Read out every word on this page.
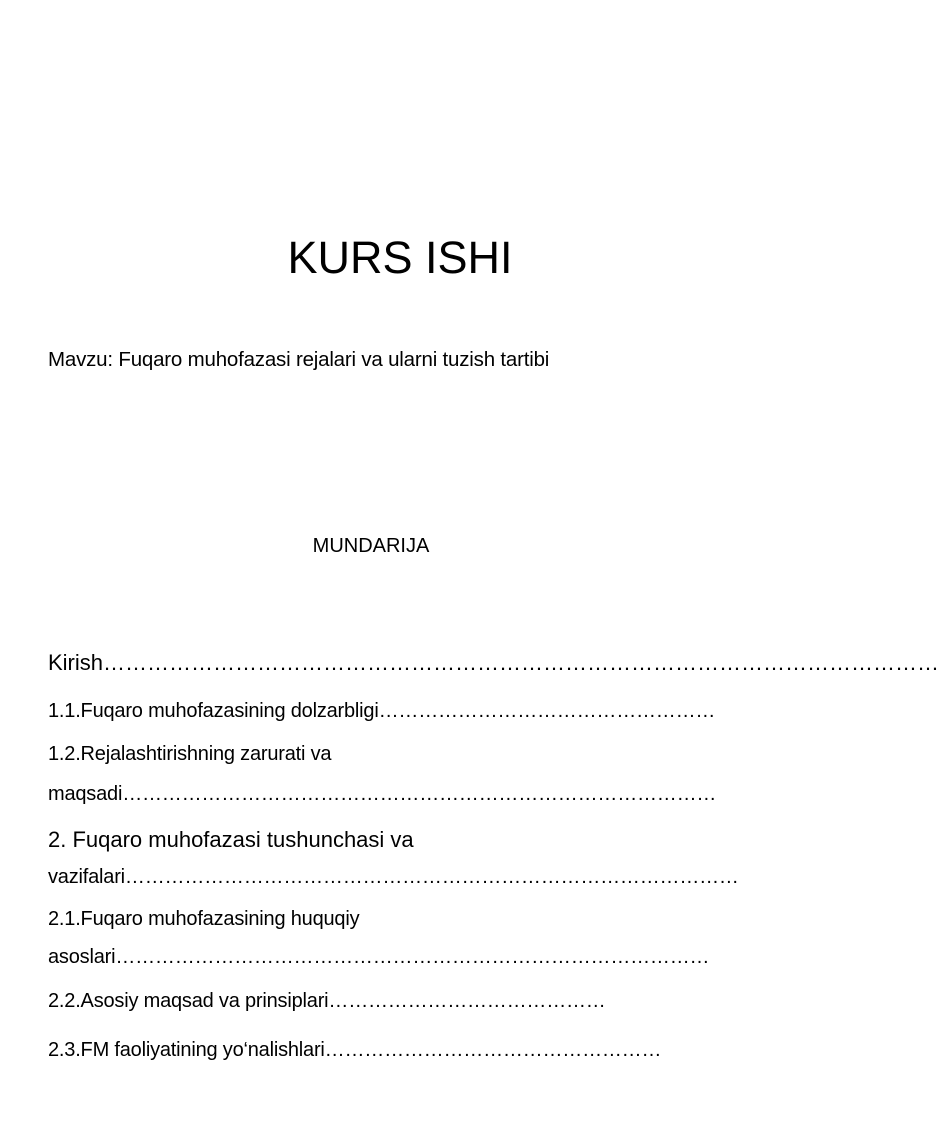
KURS ISHI
Mavzu: Fuqaro muhofazasi rejalari va ularni tuzish tartibi
MUNDARIJA
Kirish……………………………………………………………………………………………………
1.1.Fuqaro muhofazasining dolzarbligi……………………………………………
1.2.Rejalashtirishning zarurati va
maqsadi………………………………………………………………………………
2. Fuqaro muhofazasi tushunchasi va
vazifalari…………………………………………………………………………………
2.1.Fuqaro muhofazasining huquqiy
asoslari………………………………………………………………………………
2.2.Asosiy maqsad va prinsiplari……………………………………
2.3.FM faoliyatining yo‘nalishlari……………………………………………
